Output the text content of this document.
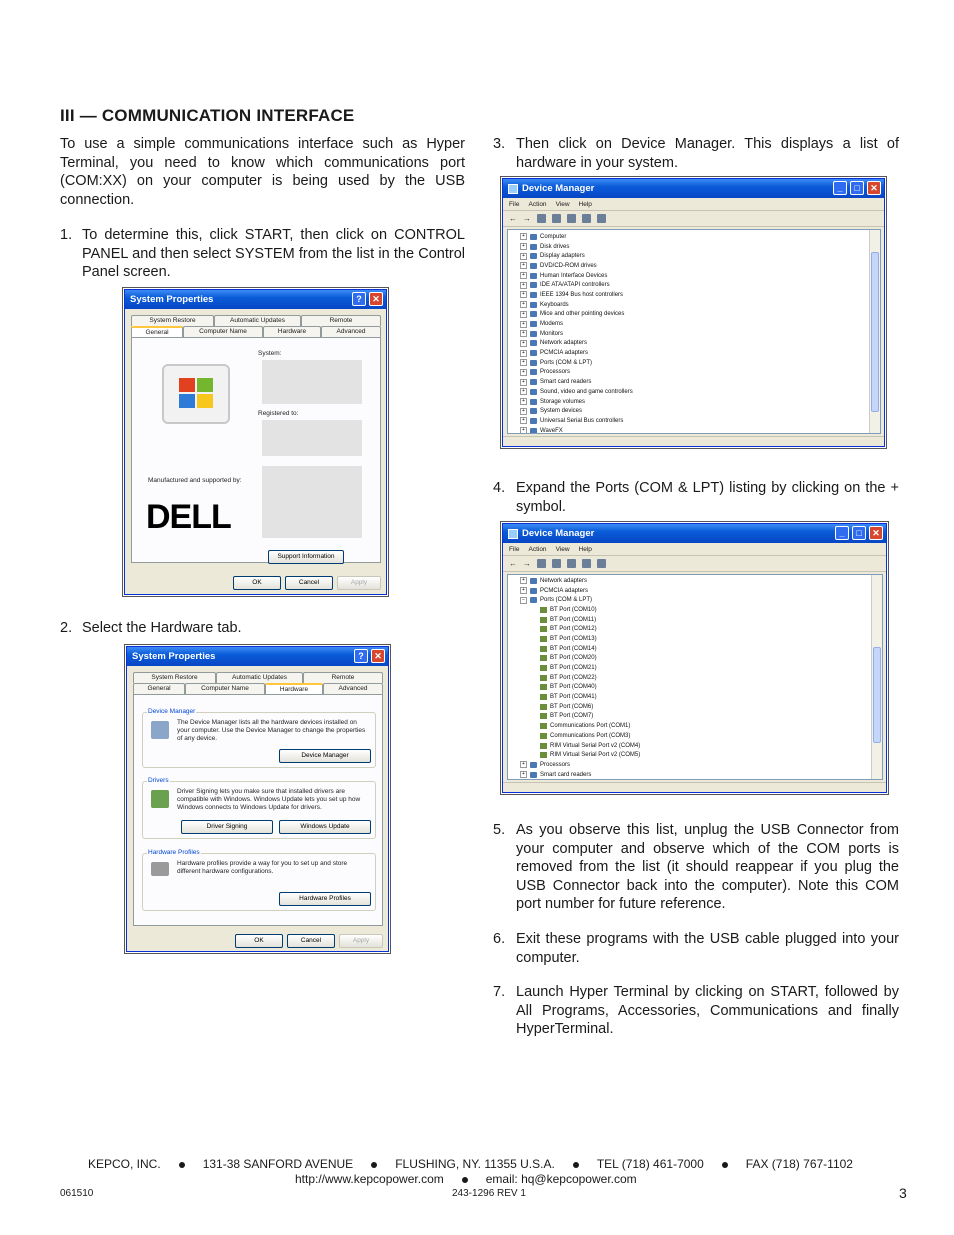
III — COMMUNICATION INTERFACE
To use a simple communications interface such as Hyper Terminal, you need to know which communications port (COM:XX) on your computer is being used by the USB connection.
1. To determine this, click START, then click on CONTROL PANEL and then select SYSTEM from the list in the Control Panel screen.
System Properties	?	✕
System Restore	Automatic Updates	Remote
General	Computer Name	Hardware	Advanced
System:
Registered to:
Manufactured and supported by:
DELL
Support Information
OK	Cancel	Apply
2. Select the Hardware tab.
System Properties	?	✕
System Restore	Automatic Updates	Remote
General	Computer Name	Hardware	Advanced
Device Manager
The Device Manager lists all the hardware devices installed on your computer. Use the Device Manager to change the properties of any device.
Device Manager
Drivers
Driver Signing lets you make sure that installed drivers are compatible with Windows. Windows Update lets you set up how Windows connects to Windows Update for drivers.
Driver Signing	Windows Update
Hardware Profiles
Hardware profiles provide a way for you to set up and store different hardware configurations.
Hardware Profiles
OK	Cancel	Apply
3. Then click on Device Manager. This displays a list of hardware in your system.
Device Manager	_	□	✕
File Action View Help
← →
+	Computer
+	Disk drives
+	Display adapters
+	DVD/CD-ROM drives
+	Human Interface Devices
+	IDE ATA/ATAPI controllers
+	IEEE 1394 Bus host controllers
+	Keyboards
+	Mice and other pointing devices
+	Modems
+	Monitors
+	Network adapters
+	PCMCIA adapters
+	Ports (COM & LPT)
+	Processors
+	Smart card readers
+	Sound, video and game controllers
+	Storage volumes
+	System devices
+	Universal Serial Bus controllers
+	WaveFX
4. Expand the Ports (COM & LPT) listing by clicking on the + symbol.
Device Manager	_	□	✕
File Action View Help
← →
+	Network adapters
+	PCMCIA adapters
−	Ports (COM & LPT)
BT Port (COM10)
BT Port (COM11)
BT Port (COM12)
BT Port (COM13)
BT Port (COM14)
BT Port (COM20)
BT Port (COM21)
BT Port (COM22)
BT Port (COM40)
BT Port (COM41)
BT Port (COM6)
BT Port (COM7)
Communications Port (COM1)
Communications Port (COM3)
RIM Virtual Serial Port v2 (COM4)
RIM Virtual Serial Port v2 (COM5)
+	Processors
+	Smart card readers
5. As you observe this list, unplug the USB Connector from your computer and observe which of the COM ports is removed from the list (it should reappear if you plug the USB Connector back into the computer). Note this COM port number for future reference.
6. Exit these programs with the USB cable plugged into your computer.
7. Launch Hyper Terminal by clicking on START, followed by All Programs, Accessories, Communications and finally HyperTerminal.
KEPCO, INC.	131-38 SANFORD AVENUE	FLUSHING, NY. 11355 U.S.A.	TEL (718) 461-7000	FAX (718) 767-1102
http://www.kepcopower.com	email: hq@kepcopower.com
061510	243-1296 REV 1	3
